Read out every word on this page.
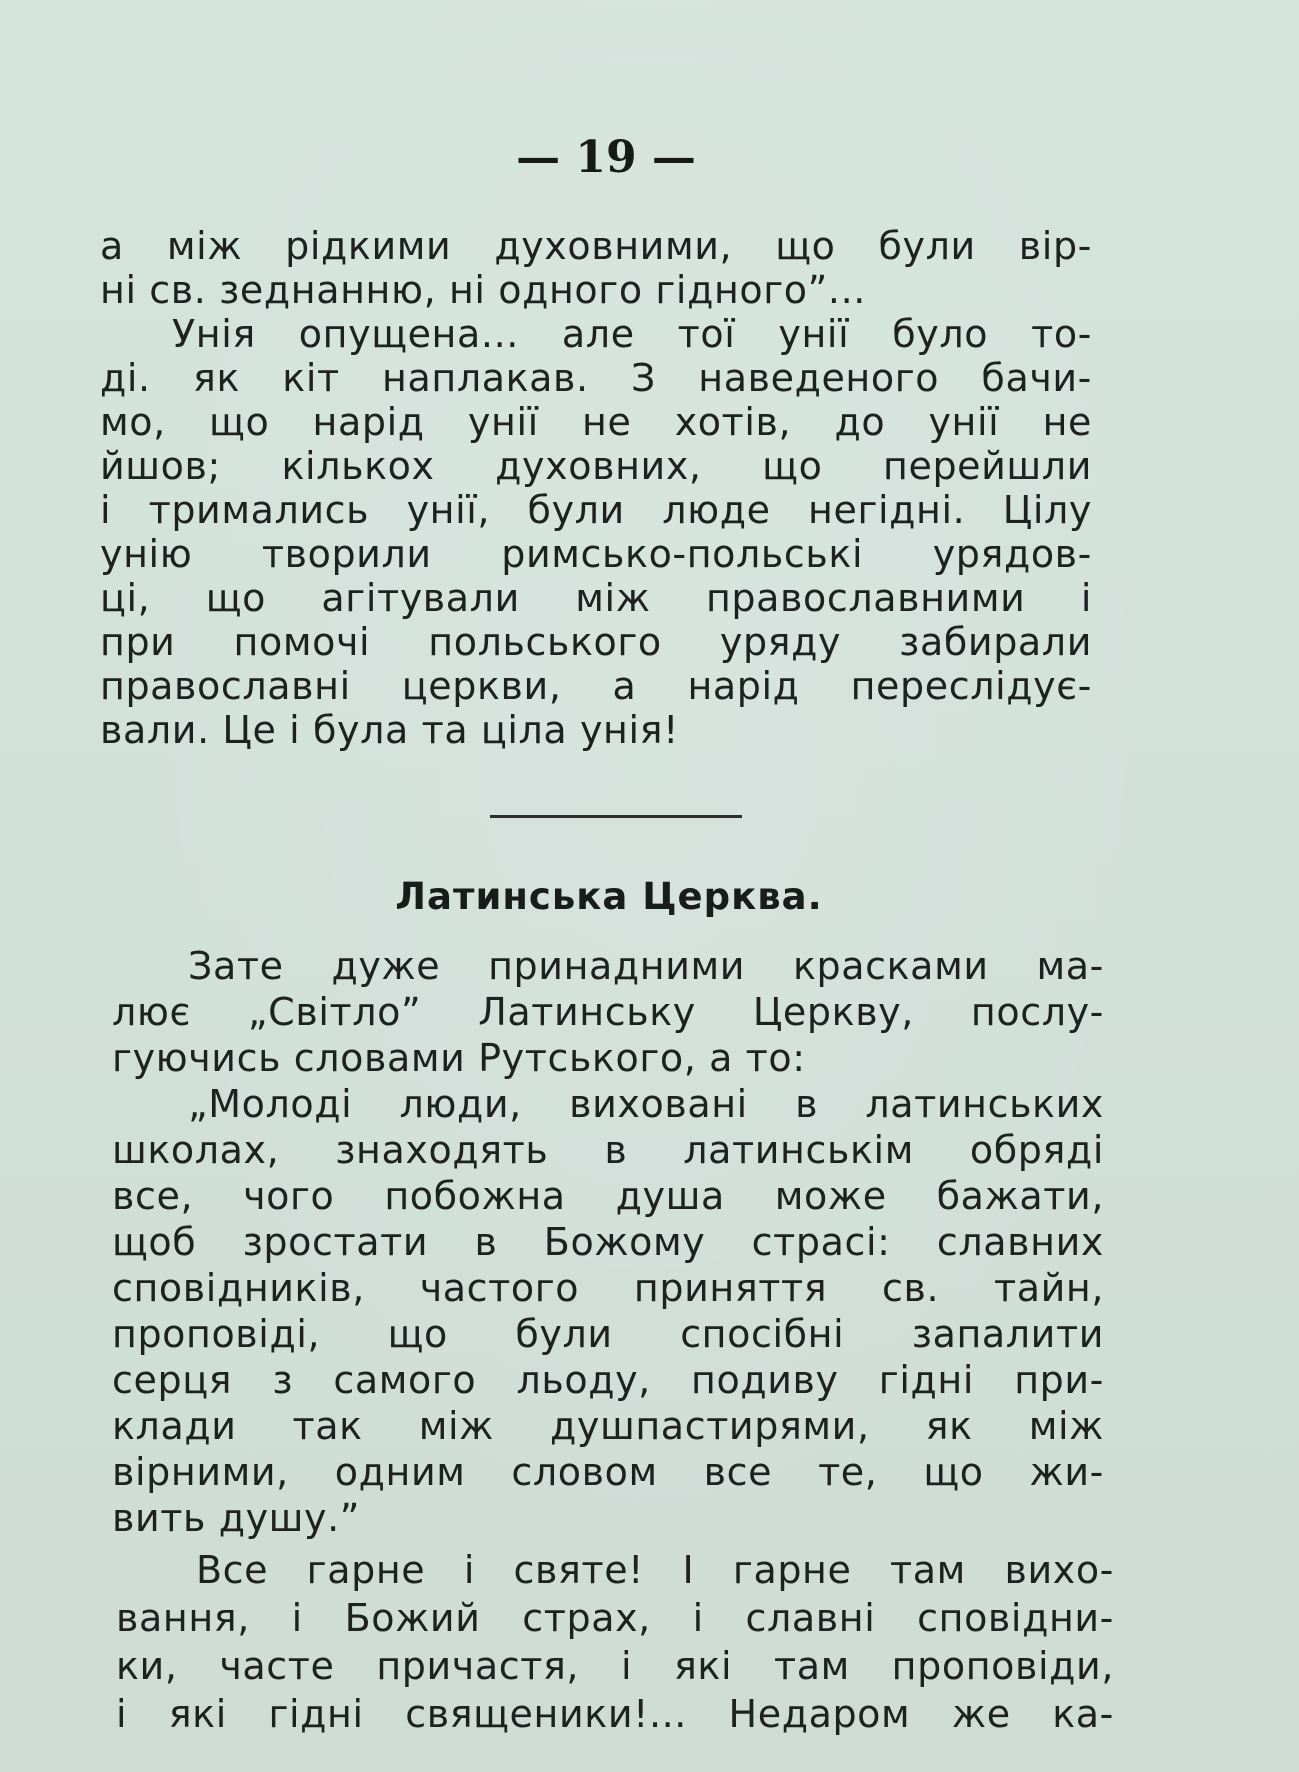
— 19 —
а між рідкими духовними, що були вір-
ні св. зеднанню, ні одного гідного”...
Унія опущена... але тої унії було то-
ді. як кіт наплакав. З наведеного бачи-
мо, що нарід унії не хотів, до унії не
йшов; кількох духовних, що перейшли
і тримались унії, були люде негідні. Цілу
унію творили римсько-польські урядов-
ці, що агітували між православними і
при помочі польського уряду забирали
православні церкви, а нарід переслідує-
вали. Це і була та ціла унія!
Латинська Церква.
Зате дуже принадними красками ма-
лює „Світло” Латинську Церкву, послу-
гуючись словами Рутського, а то:
„Молоді люди, виховані в латинських
школах, знаходять в латинськім обряді
все, чого побожна душа може бажати,
щоб зростати в Божому страсі: славних
сповідників, частого приняття св. тайн,
проповіді, що були спосібні запалити
серця з самого льоду, подиву гідні при-
клади так між душпастирями, як між
вірними, одним словом все те, що жи-
вить душу.”
Все гарне і святе! І гарне там вихо-
вання, і Божий страх, і славні сповідни-
ки, часте причастя, і які там проповіди,
і які гідні священики!... Недаром же ка-
